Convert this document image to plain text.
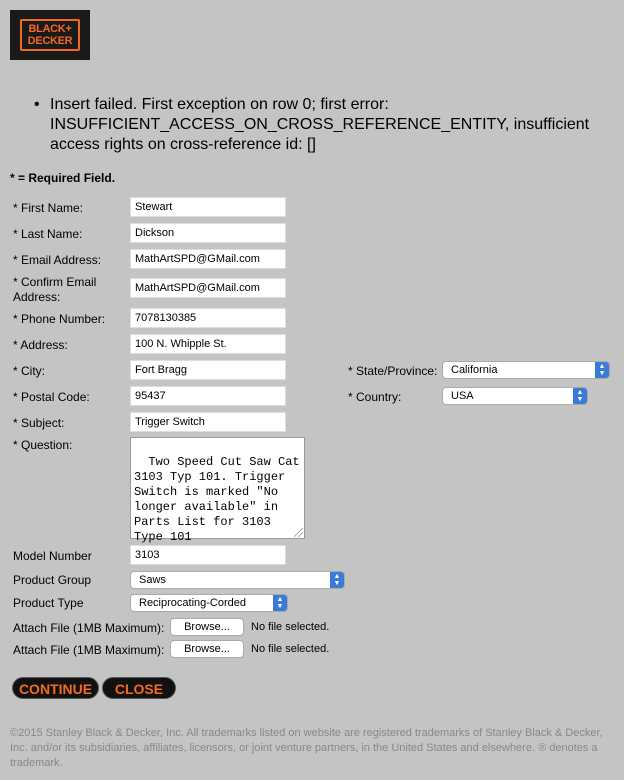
BLACK+
DECKER
• Insert failed. First exception on row 0; first error: INSUFFICIENT_ACCESS_ON_CROSS_REFERENCE_ENTITY, insufficient access rights on cross-reference id: []
* = Required Field.
* First Name:	Stewart
* Last Name:	Dickson
* Email Address:	MathArtSPD@GMail.com
* Confirm Email Address:
MathArtSPD@GMail.com
* Phone Number:	7078130385
* Address:	100 N. Whipple St.
* City:	Fort Bragg	* State/Province:	California	▲
▼
* Postal Code:	95437	* Country:	USA	▲
▼
* Subject:	Trigger Switch
* Question:

Two Speed Cut Saw Cat 3103 Typ 101. Trigger Switch is marked "No longer available" in Parts List for 3103 Type 101

Model Number	3103
Product Group	Saws	▲
▼
Product Type	Reciprocating-Corded	▲
▼
Attach File (1MB Maximum):	Browse...	No file selected.
Attach File (1MB Maximum):	Browse...	No file selected.
CONTINUE	CLOSE
©2015 Stanley Black & Decker, Inc. All trademarks listed on website are registered trademarks of Stanley Black & Decker, Inc. and/or its subsidiaries, affiliates, licensors, or joint venture partners, in the United States and elsewhere. ® denotes a trademark.
